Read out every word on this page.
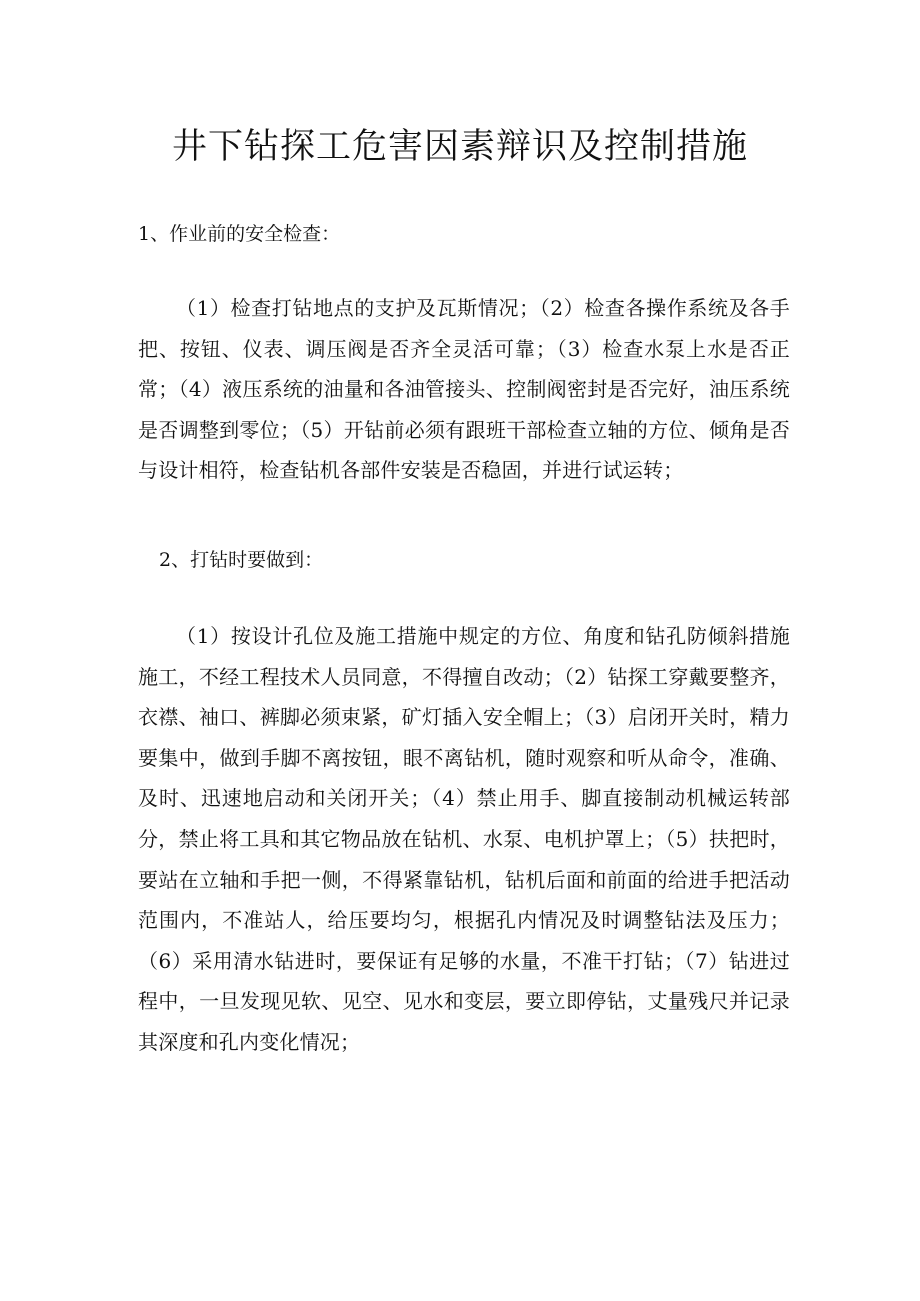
井下钻探工危害因素辩识及控制措施
1、作业前的安全检查：
（1）检查打钻地点的支护及瓦斯情况；（2）检查各操作系统及各手把、按钮、仪表、调压阀是否齐全灵活可靠；（3）检查水泵上水是否正常；（4）液压系统的油量和各油管接头、控制阀密封是否完好，油压系统是否调整到零位；（5）开钻前必须有跟班干部检查立轴的方位、倾角是否与设计相符，检查钻机各部件安装是否稳固，并进行试运转；
2、打钻时要做到：
（1）按设计孔位及施工措施中规定的方位、角度和钻孔防倾斜措施施工，不经工程技术人员同意，不得擅自改动；（2）钻探工穿戴要整齐，衣襟、袖口、裤脚必须束紧，矿灯插入安全帽上；（3）启闭开关时，精力要集中，做到手脚不离按钮，眼不离钻机，随时观察和听从命令，准确、及时、迅速地启动和关闭开关；（4）禁止用手、脚直接制动机械运转部分，禁止将工具和其它物品放在钻机、水泵、电机护罩上；（5）扶把时，要站在立轴和手把一侧，不得紧靠钻机，钻机后面和前面的给进手把活动范围内，不准站人，给压要均匀，根据孔内情况及时调整钻法及压力；（6）采用清水钻进时，要保证有足够的水量，不准干打钻；（7）钻进过程中，一旦发现见软、见空、见水和变层，要立即停钻，丈量残尺并记录其深度和孔内变化情况；
